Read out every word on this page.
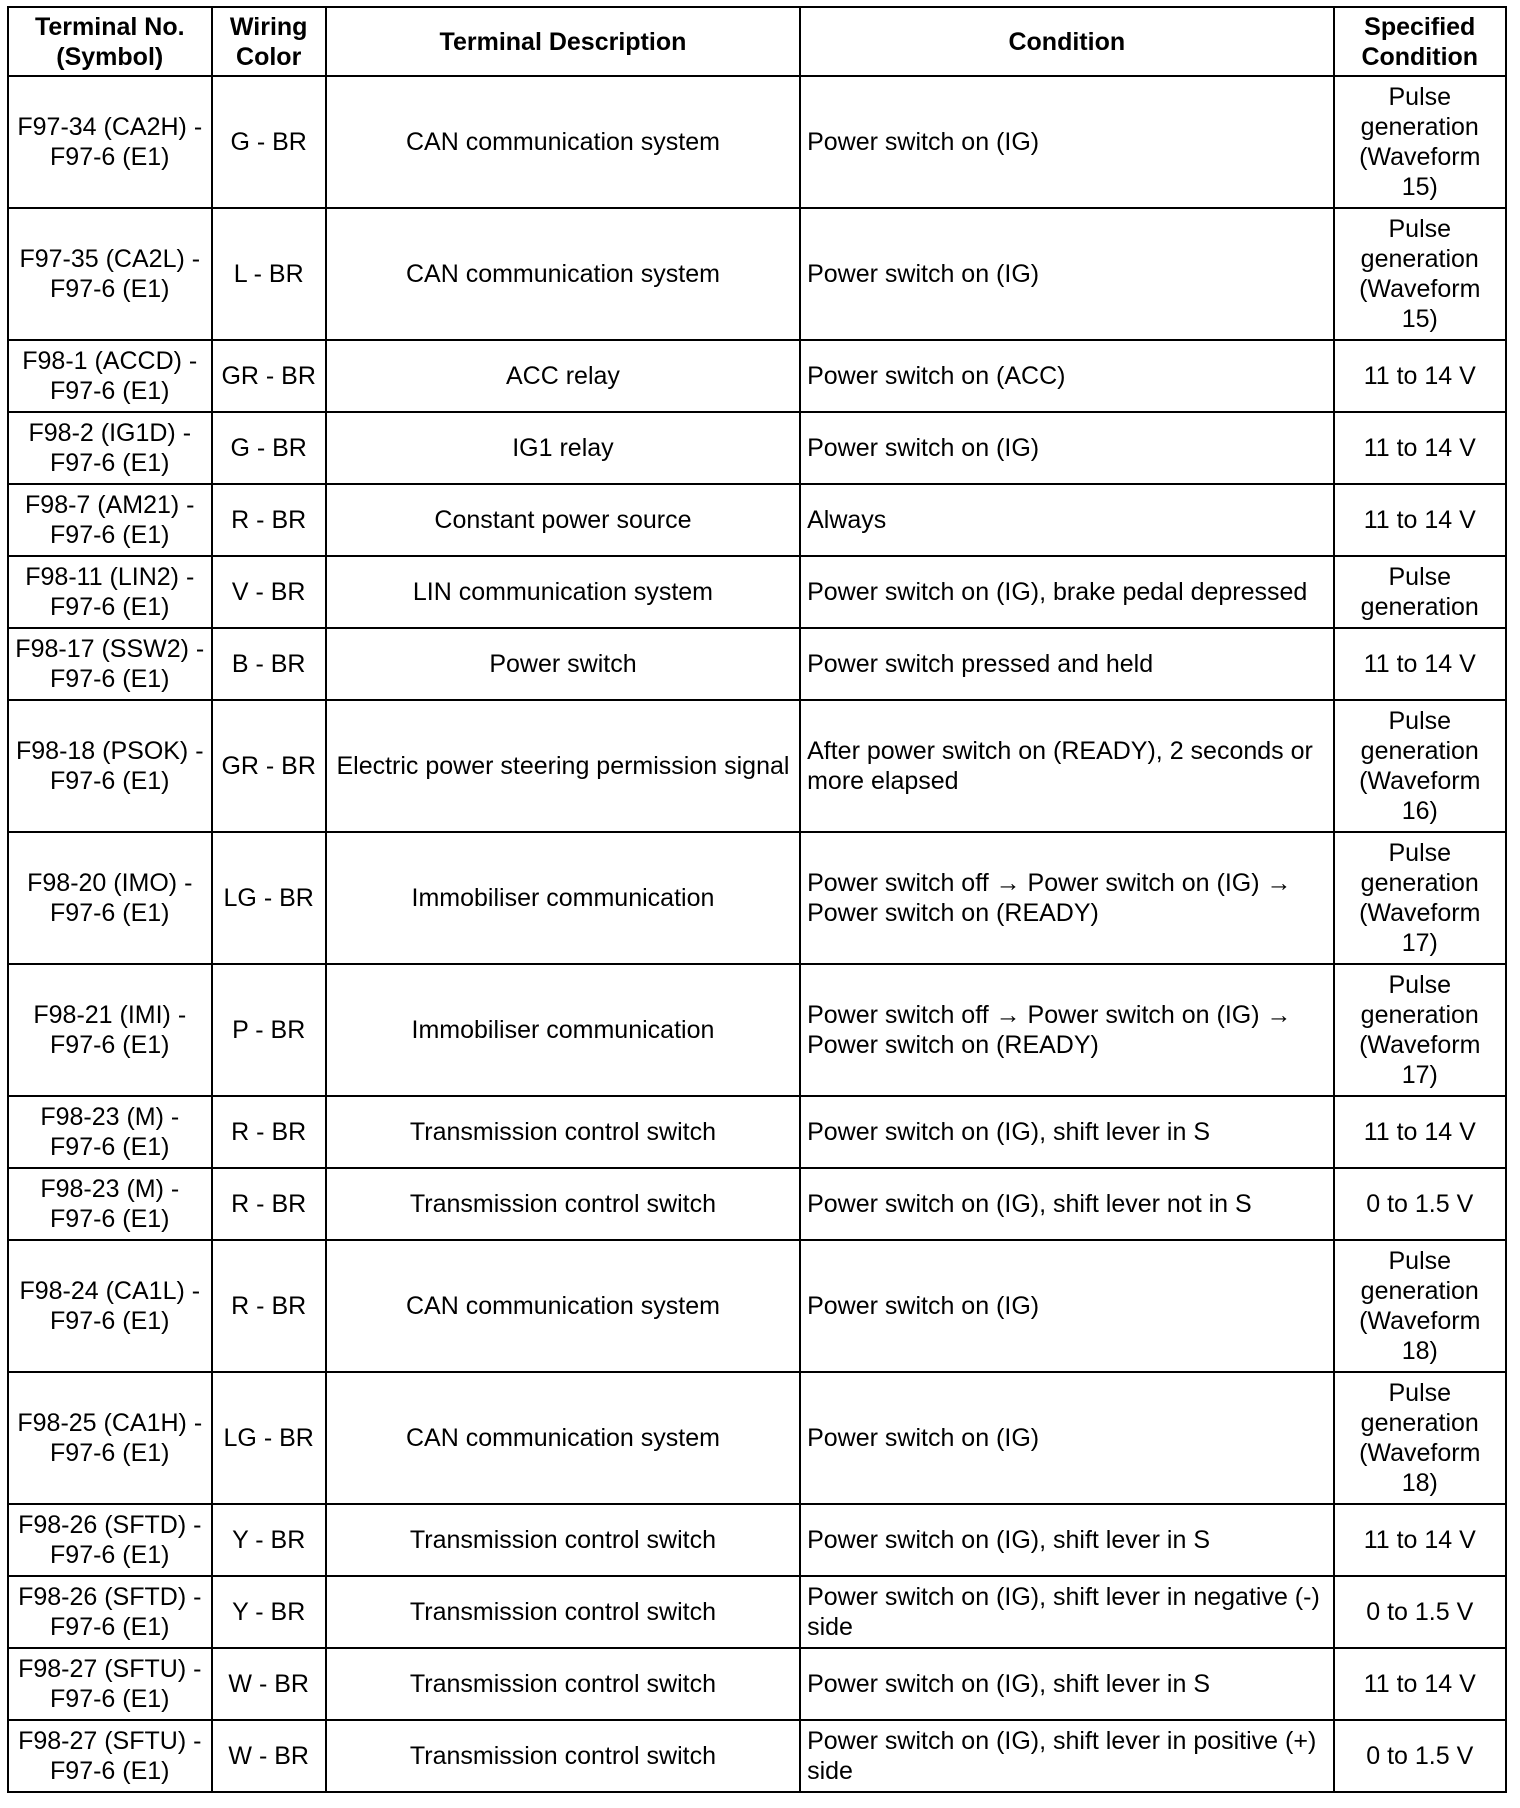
Terminal No.
(Symbol)	Wiring
Color	Terminal Description	Condition	Specified
Condition
F97-34 (CA2H) -
F97-6 (E1)	G - BR	CAN communication system	Power switch on (IG)	Pulse
generation
(Waveform
15)
F97-35 (CA2L) -
F97-6 (E1)	L - BR	CAN communication system	Power switch on (IG)	Pulse
generation
(Waveform
15)
F98-1 (ACCD) -
F97-6 (E1)	GR - BR	ACC relay	Power switch on (ACC)	11 to 14 V
F98-2 (IG1D) -
F97-6 (E1)	G - BR	IG1 relay	Power switch on (IG)	11 to 14 V
F98-7 (AM21) -
F97-6 (E1)	R - BR	Constant power source	Always	11 to 14 V
F98-11 (LIN2) -
F97-6 (E1)	V - BR	LIN communication system	Power switch on (IG), brake pedal depressed	Pulse
generation
F98-17 (SSW2) -
F97-6 (E1)	B - BR	Power switch	Power switch pressed and held	11 to 14 V
F98-18 (PSOK) -
F97-6 (E1)	GR - BR	Electric power steering permission signal	After power switch on (READY), 2 seconds or
more elapsed	Pulse
generation
(Waveform
16)
F98-20 (IMO) -
F97-6 (E1)	LG - BR	Immobiliser communication	Power switch off → Power switch on (IG) →
Power switch on (READY)	Pulse
generation
(Waveform
17)
F98-21 (IMI) -
F97-6 (E1)	P - BR	Immobiliser communication	Power switch off → Power switch on (IG) →
Power switch on (READY)	Pulse
generation
(Waveform
17)
F98-23 (M) -
F97-6 (E1)	R - BR	Transmission control switch	Power switch on (IG), shift lever in S	11 to 14 V
F98-23 (M) -
F97-6 (E1)	R - BR	Transmission control switch	Power switch on (IG), shift lever not in S	0 to 1.5 V
F98-24 (CA1L) -
F97-6 (E1)	R - BR	CAN communication system	Power switch on (IG)	Pulse
generation
(Waveform
18)
F98-25 (CA1H) -
F97-6 (E1)	LG - BR	CAN communication system	Power switch on (IG)	Pulse
generation
(Waveform
18)
F98-26 (SFTD) -
F97-6 (E1)	Y - BR	Transmission control switch	Power switch on (IG), shift lever in S	11 to 14 V
F98-26 (SFTD) -
F97-6 (E1)	Y - BR	Transmission control switch	Power switch on (IG), shift lever in negative (-)
side	0 to 1.5 V
F98-27 (SFTU) -
F97-6 (E1)	W - BR	Transmission control switch	Power switch on (IG), shift lever in S	11 to 14 V
F98-27 (SFTU) -
F97-6 (E1)	W - BR	Transmission control switch	Power switch on (IG), shift lever in positive (+)
side	0 to 1.5 V
